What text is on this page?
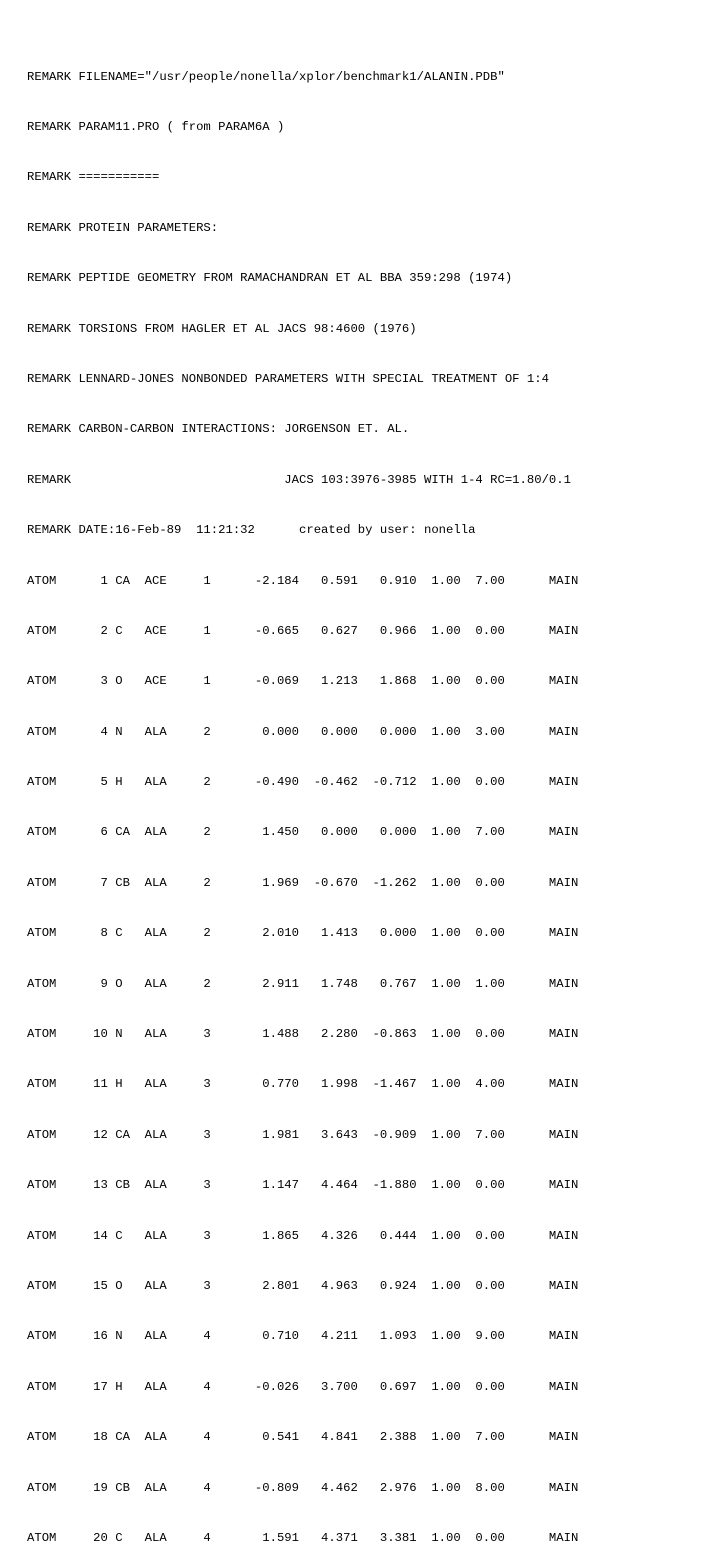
REMARK FILENAME="/usr/people/nonella/xplor/benchmark1/ALANIN.PDB"

REMARK PARAM11.PRO ( from PARAM6A )

REMARK ===========

REMARK PROTEIN PARAMETERS:

REMARK PEPTIDE GEOMETRY FROM RAMACHANDRAN ET AL BBA 359:298 (1974)

REMARK TORSIONS FROM HAGLER ET AL JACS 98:4600 (1976)

REMARK LENNARD-JONES NONBONDED PARAMETERS WITH SPECIAL TREATMENT OF 1:4

REMARK CARBON-CARBON INTERACTIONS: JORGENSON ET. AL.

REMARK                             JACS 103:3976-3985 WITH 1-4 RC=1.80/0.1

REMARK DATE:16-Feb-89  11:21:32      created by user: nonella

ATOM      1 CA  ACE     1      -2.184   0.591   0.910  1.00  7.00      MAIN

ATOM      2 C   ACE     1      -0.665   0.627   0.966  1.00  0.00      MAIN

ATOM      3 O   ACE     1      -0.069   1.213   1.868  1.00  0.00      MAIN

ATOM      4 N   ALA     2       0.000   0.000   0.000  1.00  3.00      MAIN

ATOM      5 H   ALA     2      -0.490  -0.462  -0.712  1.00  0.00      MAIN

ATOM      6 CA  ALA     2       1.450   0.000   0.000  1.00  7.00      MAIN

ATOM      7 CB  ALA     2       1.969  -0.670  -1.262  1.00  0.00      MAIN

ATOM      8 C   ALA     2       2.010   1.413   0.000  1.00  0.00      MAIN

ATOM      9 O   ALA     2       2.911   1.748   0.767  1.00  1.00      MAIN

ATOM     10 N   ALA     3       1.488   2.280  -0.863  1.00  0.00      MAIN

ATOM     11 H   ALA     3       0.770   1.998  -1.467  1.00  4.00      MAIN

ATOM     12 CA  ALA     3       1.981   3.643  -0.909  1.00  7.00      MAIN

ATOM     13 CB  ALA     3       1.147   4.464  -1.880  1.00  0.00      MAIN

ATOM     14 C   ALA     3       1.865   4.326   0.444  1.00  0.00      MAIN

ATOM     15 O   ALA     3       2.801   4.963   0.924  1.00  0.00      MAIN

ATOM     16 N   ALA     4       0.710   4.211   1.093  1.00  9.00      MAIN

ATOM     17 H   ALA     4      -0.026   3.700   0.697  1.00  0.00      MAIN

ATOM     18 CA  ALA     4       0.541   4.841   2.388  1.00  7.00      MAIN

ATOM     19 CB  ALA     4      -0.809   4.462   2.976  1.00  8.00      MAIN

ATOM     20 C   ALA     4       1.591   4.371   3.381  1.00  0.00      MAIN
